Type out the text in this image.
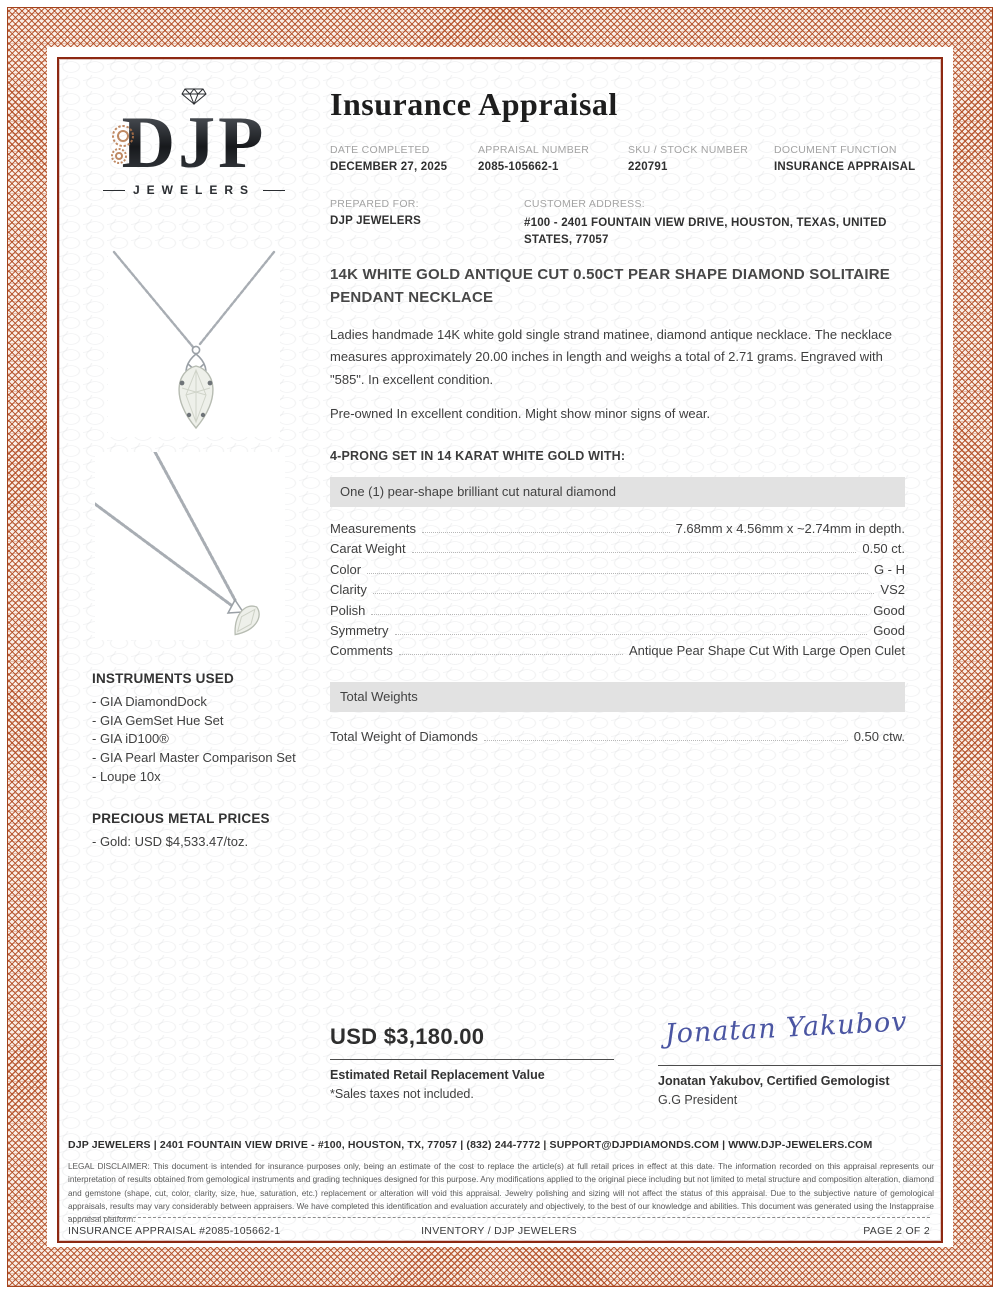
DJP
JEWELERS
Insurance Appraisal
DATE COMPLETED
DECEMBER 27, 2025
APPRAISAL NUMBER
2085-105662-1
SKU / STOCK NUMBER
220791
DOCUMENT FUNCTION
INSURANCE APPRAISAL
PREPARED FOR:
DJP JEWELERS
CUSTOMER ADDRESS:
#100 - 2401 FOUNTAIN VIEW DRIVE, HOUSTON, TEXAS, UNITED STATES, 77057
14K WHITE GOLD ANTIQUE CUT 0.50CT PEAR SHAPE DIAMOND SOLITAIRE PENDANT NECKLACE

Ladies handmade 14K white gold single strand matinee, diamond antique necklace. The necklace measures approximately 20.00 inches in length and weighs a total of 2.71 grams. Engraved with "585". In excellent condition.

Pre-owned In excellent condition. Might show minor signs of wear.

4-PRONG SET IN 14 KARAT WHITE GOLD WITH:
One (1) pear-shape brilliant cut natural diamond
Measurements	7.68mm x 4.56mm x ~2.74mm in depth.
Carat Weight	0.50 ct.
Color	G - H
Clarity	VS2
Polish	Good
Symmetry	Good
Comments	Antique Pear Shape Cut With Large Open Culet
Total Weights
Total Weight of Diamonds	0.50 ctw.
INSTRUMENTS USED
- GIA DiamondDock
- GIA GemSet Hue Set
- GIA iD100®
- GIA Pearl Master Comparison Set
- Loupe 10x
PRECIOUS METAL PRICES
- Gold: USD $4,533.47/toz.
USD $3,180.00
Estimated Retail Replacement Value
*Sales taxes not included.
Jonatan Yakubov
Jonatan Yakubov, Certified Gemologist
G.G President
DJP JEWELERS | 2401 FOUNTAIN VIEW DRIVE - #100, HOUSTON, TX, 77057 | (832) 244-7772 | SUPPORT@DJPDIAMONDS.COM | WWW.DJP-JEWELERS.COM
LEGAL DISCLAIMER: This document is intended for insurance purposes only, being an estimate of the cost to replace the article(s) at full retail prices in effect at this date. The information recorded on this appraisal represents our interpretation of results obtained from gemological instruments and grading techniques designed for this purpose. Any modifications applied to the original piece including but not limited to metal structure and composition alteration, diamond and gemstone (shape, cut, color, clarity, size, hue, saturation, etc.) replacement or alteration will void this appraisal. Jewelry polishing and sizing will not affect the status of this appraisal. Due to the subjective nature of gemological appraisals, results may vary considerably between appraisers. We have completed this identification and evaluation accurately and objectively, to the best of our knowledge and abilities. This document was generated using the Instappraise appraisal platform.
INSURANCE APPRAISAL #2085-105662-1	INVENTORY / DJP JEWELERS	PAGE 2 OF 2
